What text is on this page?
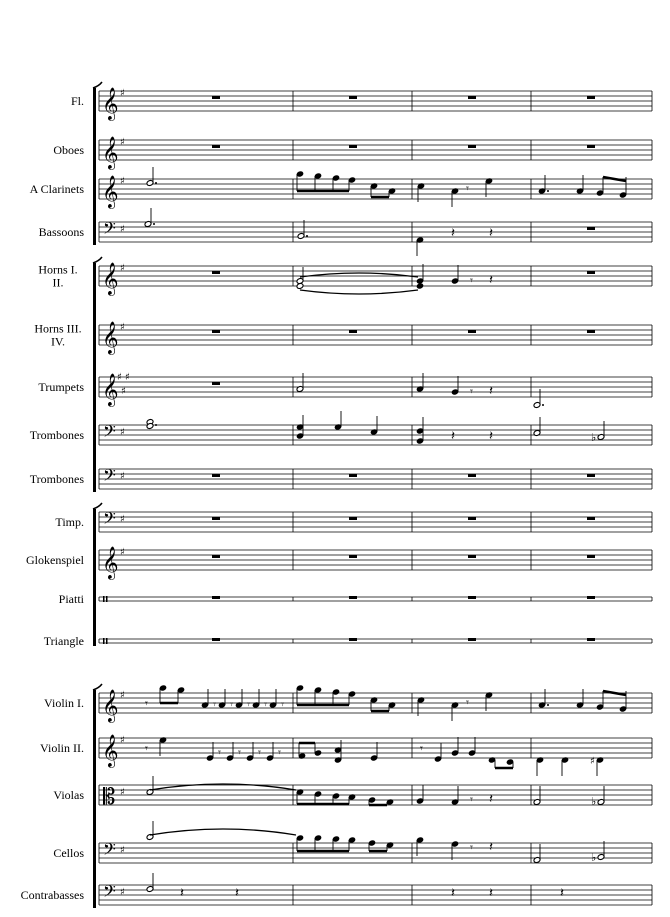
Fl.
Oboes
A Clarinets
Bassoons
Horns I.
II.
Horns III.
IV.
Trumpets
Trombones
Trombones
Timp.
Glokenspiel
Piatti
Triangle
Violin I.
Violin II.
Violas
Cellos
Contrabasses
𝄞 ♯
𝄞 ♯
𝄞 ♯
𝄢 ♯
𝄞 ♯
𝄞 ♯
𝄞
♯
♯
♯
𝄢 ♯
𝄢 ♯
𝄢 ♯
𝄞 ♯
𝄞 ♯
𝄞 ♯
𝄡 ♯
𝄢 ♯
𝄢 ♯
𝄾
𝄽	𝄽
𝄾 𝄽
𝄾 𝄽
𝄽	𝄽	♭
𝄾	𝄾 𝄾 𝄾 𝄾 𝄾	𝄾
𝄾	𝄾 𝄾 𝄾 𝄾	𝄾
♯
𝄾 𝄽	♭
𝄾 𝄽
♭
𝄽	𝄽	𝄽	𝄽	𝄽
